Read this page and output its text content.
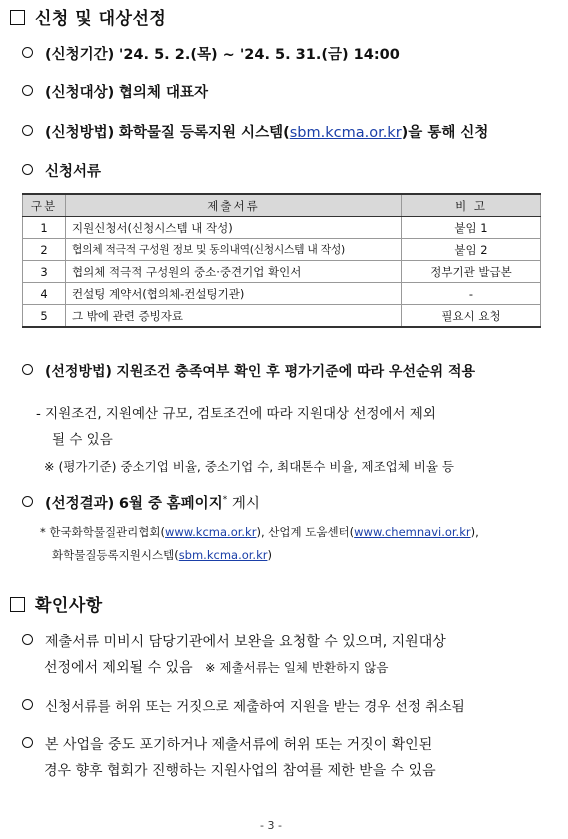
신청 및 대상선정
(신청기간) '24. 5. 2.(목) ~ '24. 5. 31.(금) 14:00
(신청대상) 협의체 대표자
(신청방법) 화학물질 등록지원 시스템(sbm.kcma.or.kr)을 통해 신청
신청서류
구분	제출서류	비 고
1	지원신청서(신청시스템 내 작성)	붙임 1
2	협의체 적극적 구성원 정보 및 동의내역(신청시스템 내 작성)	붙임 2
3	협의체 적극적 구성원의 중소·중견기업 확인서	정부기관 발급본
4	컨설팅 계약서(협의체-컨설팅기관)	-
5	그 밖에 관련 증빙자료	필요시 요청
(선정방법) 지원조건 충족여부 확인 후 평가기준에 따라 우선순위 적용
- 지원조건, 지원예산 규모, 검토조건에 따라 지원대상 선정에서 제외
될 수 있음
※ (평가기준) 중소기업 비율, 중소기업 수, 최대톤수 비율, 제조업체 비율 등
(선정결과) 6월 중 홈페이지* 게시
* 한국화학물질관리협회(www.kcma.or.kr), 산업계 도움센터(www.chemnavi.or.kr),
화학물질등록지원시스템(sbm.kcma.or.kr)
확인사항
제출서류 미비시 담당기관에서 보완을 요청할 수 있으며, 지원대상
선정에서 제외될 수 있음 ※ 제출서류는 일체 반환하지 않음
신청서류를 허위 또는 거짓으로 제출하여 지원을 받는 경우 선정 취소됨
본 사업을 중도 포기하거나 제출서류에 허위 또는 거짓이 확인된
경우 향후 협회가 진행하는 지원사업의 참여를 제한 받을 수 있음
- 3 -
